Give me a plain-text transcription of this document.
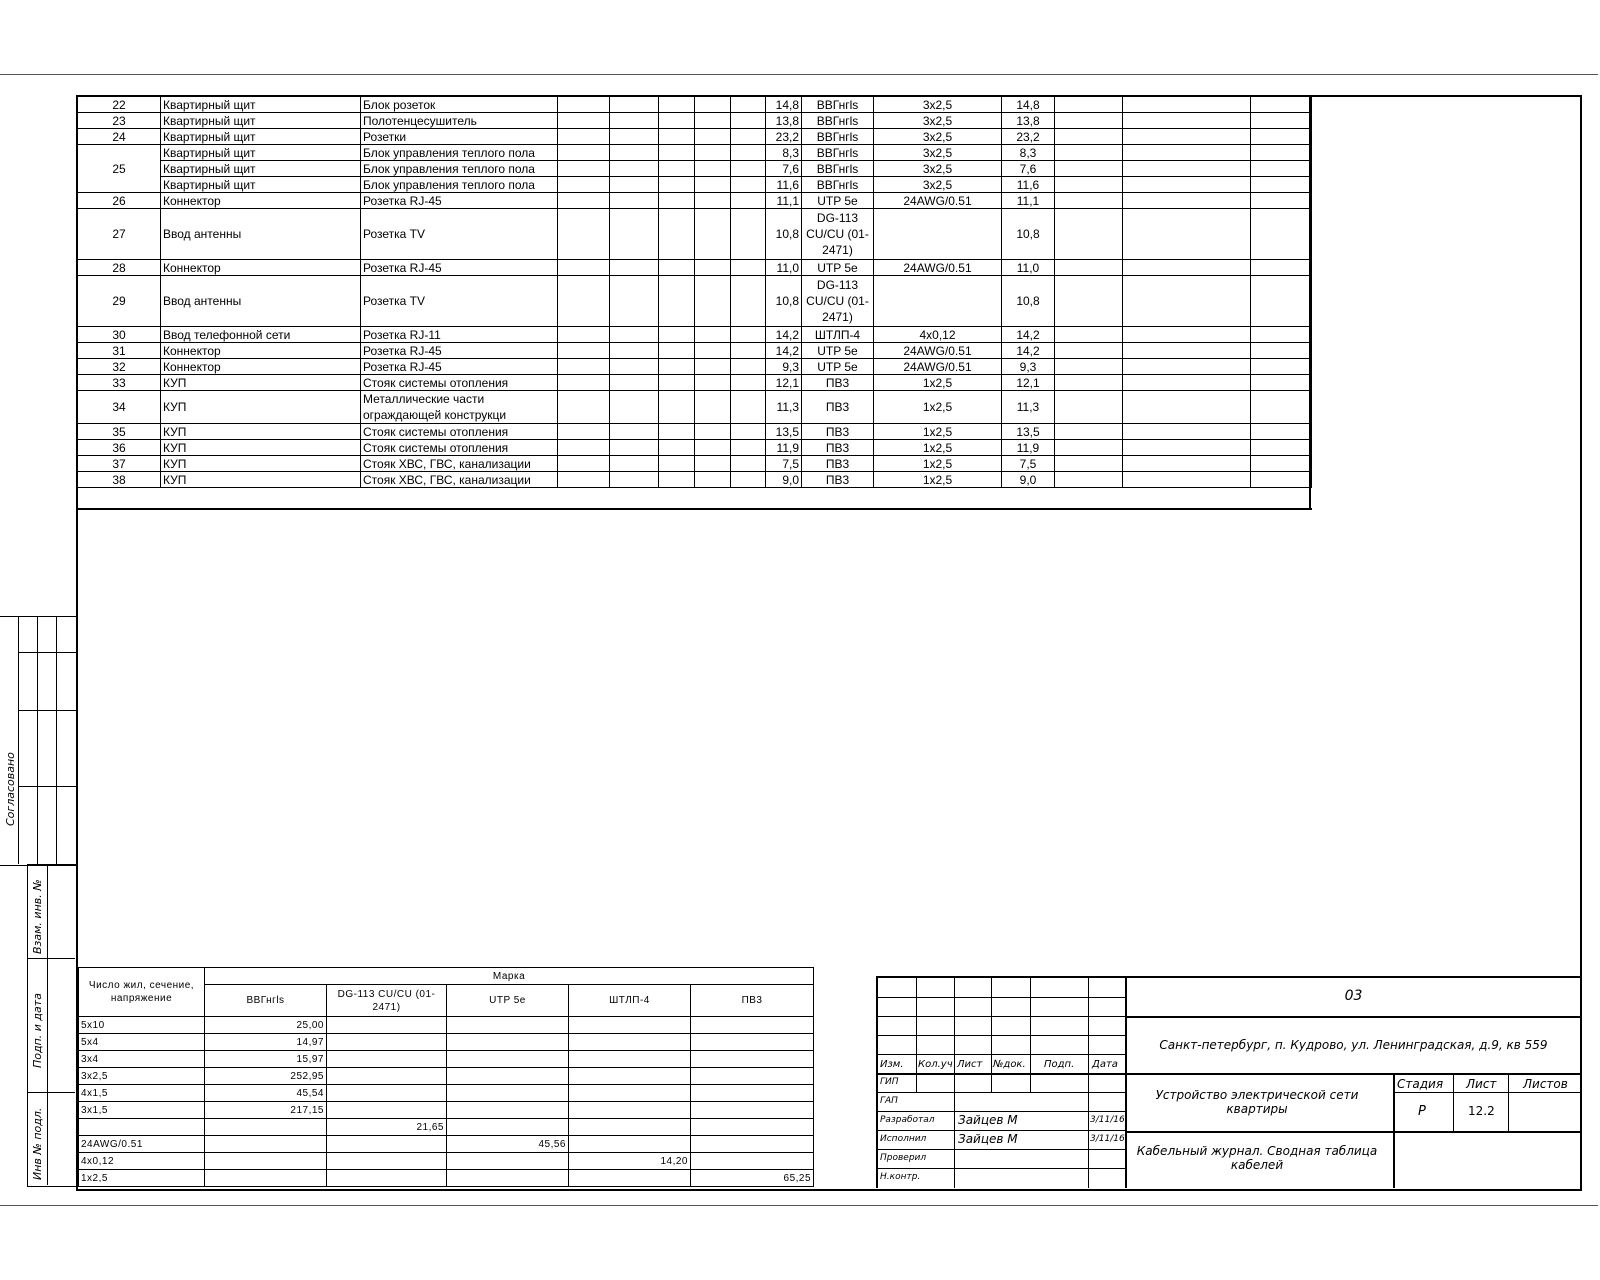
22	Квартирный щит	Блок розеток						14,8	ВВГнгls	3х2,5	14,8			
23	Квартирный щит	Полотенцесушитель						13,8	ВВГнгls	3х2,5	13,8			
24	Квартирный щит	Розетки						23,2	ВВГнгls	3х2,5	23,2			
25	Квартирный щит	Блок управления теплого пола						8,3	ВВГнгls	3х2,5	8,3			
	Квартирный щит	Блок управления теплого пола						7,6	ВВГнгls	3х2,5	7,6			
	Квартирный щит	Блок управления теплого пола						11,6	ВВГнгls	3х2,5	11,6			
26	Коннектор	Розетка RJ-45						11,1	UTP 5e	24AWG/0.51	11,1			
27	Ввод антенны	Розетка TV						10,8	DG-113 CU/CU (01-2471)		10,8			
28	Коннектор	Розетка RJ-45						11,0	UTP 5e	24AWG/0.51	11,0			
29	Ввод антенны	Розетка TV						10,8	DG-113 CU/CU (01-2471)		10,8			
30	Ввод телефонной сети	Розетка RJ-11						14,2	ШТЛП-4	4х0,12	14,2			
31	Коннектор	Розетка RJ-45						14,2	UTP 5e	24AWG/0.51	14,2			
32	Коннектор	Розетка RJ-45						9,3	UTP 5e	24AWG/0.51	9,3			
33	КУП	Стояк системы отопления						12,1	ПВ3	1х2,5	12,1			
34	КУП	Металлические части ограждающей конструкци						11,3	ПВ3	1х2,5	11,3			
35	КУП	Стояк системы отопления						13,5	ПВ3	1х2,5	13,5			
36	КУП	Стояк системы отопления						11,9	ПВ3	1х2,5	11,9			
37	КУП	Стояк ХВС, ГВС, канализации						7,5	ПВ3	1х2,5	7,5			
38	КУП	Стояк ХВС, ГВС, канализации						9,0	ПВ3	1х2,5	9,0			
Согласовано
Взам. инв. №
Подп. и дата
Инв № подл.
Число жил, сечение, напряжение	Марка				
	ВВГнгls	DG-113 CU/CU (01-2471)	UTP 5e	ШТЛП-4	ПВ3
5х10	25,00				
5х4	14,97				
3х4	15,97				
3х2,5	252,95				
4х1,5	45,54				
3х1,5	217,15				
		21,65			
24AWG/0.51			45,56		
4х0,12				14,20	
1х2,5					65,25
Изм. Кол.уч Лист №док. Подп. Дата
ГИП
ГАП
Разработал
Исполнил
Проверил
Н.контр.
Зайцев М
Зайцев М
3/11/16
3/11/16
03
Санкт-петербург, п. Кудрово, ул. Ленинградская, д.9, кв 559
Устройство электрической сети квартиры
Кабельный журнал. Сводная таблица кабелей
Стадия Лист Листов
Р	12.2
